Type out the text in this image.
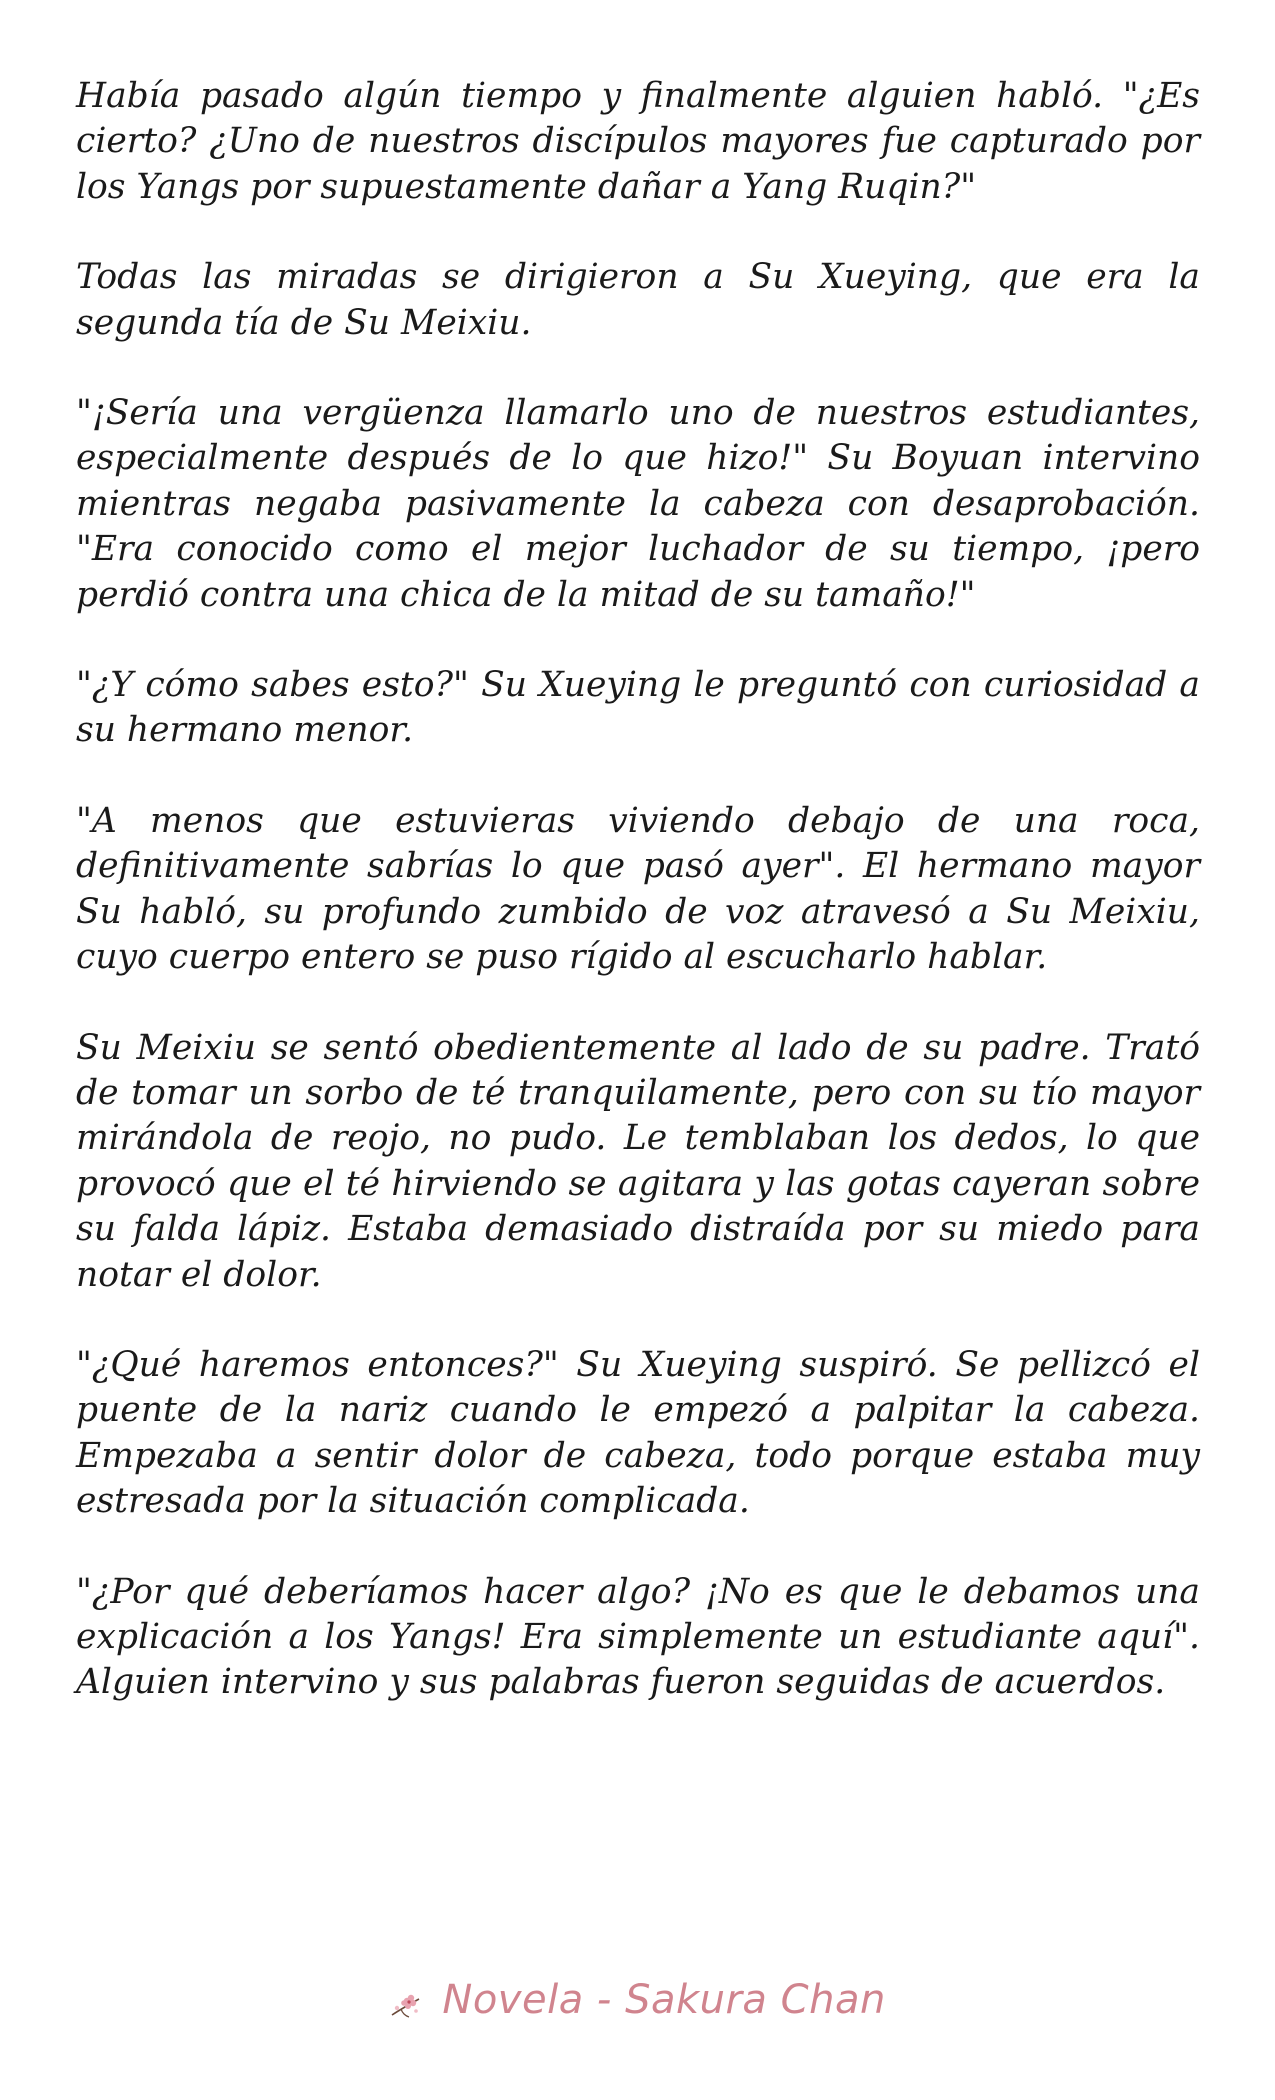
Había pasado algún tiempo y finalmente alguien habló. "¿Es cierto? ¿Uno de nuestros discípulos mayores fue capturado por los Yangs por supuestamente dañar a Yang Ruqin?"

Todas las miradas se dirigieron a Su Xueying, que era la segunda tía de Su Meixiu.

"¡Sería una vergüenza llamarlo uno de nuestros estudiantes, especialmente después de lo que hizo!" Su Boyuan intervino mientras negaba pasivamente la cabeza con desaprobación. "Era conocido como el mejor luchador de su tiempo, ¡pero perdió contra una chica de la mitad de su tamaño!"

"¿Y cómo sabes esto?" Su Xueying le preguntó con curiosidad a su hermano menor.

"A menos que estuvieras viviendo debajo de una roca, definitivamente sabrías lo que pasó ayer". El hermano mayor Su habló, su profundo zumbido de voz atravesó a Su Meixiu, cuyo cuerpo entero se puso rígido al escucharlo hablar.

Su Meixiu se sentó obedientemente al lado de su padre. Trató de tomar un sorbo de té tranquilamente, pero con su tío mayor mirándola de reojo, no pudo. Le temblaban los dedos, lo que provocó que el té hirviendo se agitara y las gotas cayeran sobre su falda lápiz. Estaba demasiado distraída por su miedo para notar el dolor.

"¿Qué haremos entonces?" Su Xueying suspiró. Se pellizcó el puente de la nariz cuando le empezó a palpitar la cabeza. Empezaba a sentir dolor de cabeza, todo porque estaba muy estresada por la situación complicada.

"¿Por qué deberíamos hacer algo? ¡No es que le debamos una explicación a los Yangs! Era simplemente un estudiante aquí". Alguien intervino y sus palabras fueron seguidas de acuerdos.

Novela - Sakura Chan
